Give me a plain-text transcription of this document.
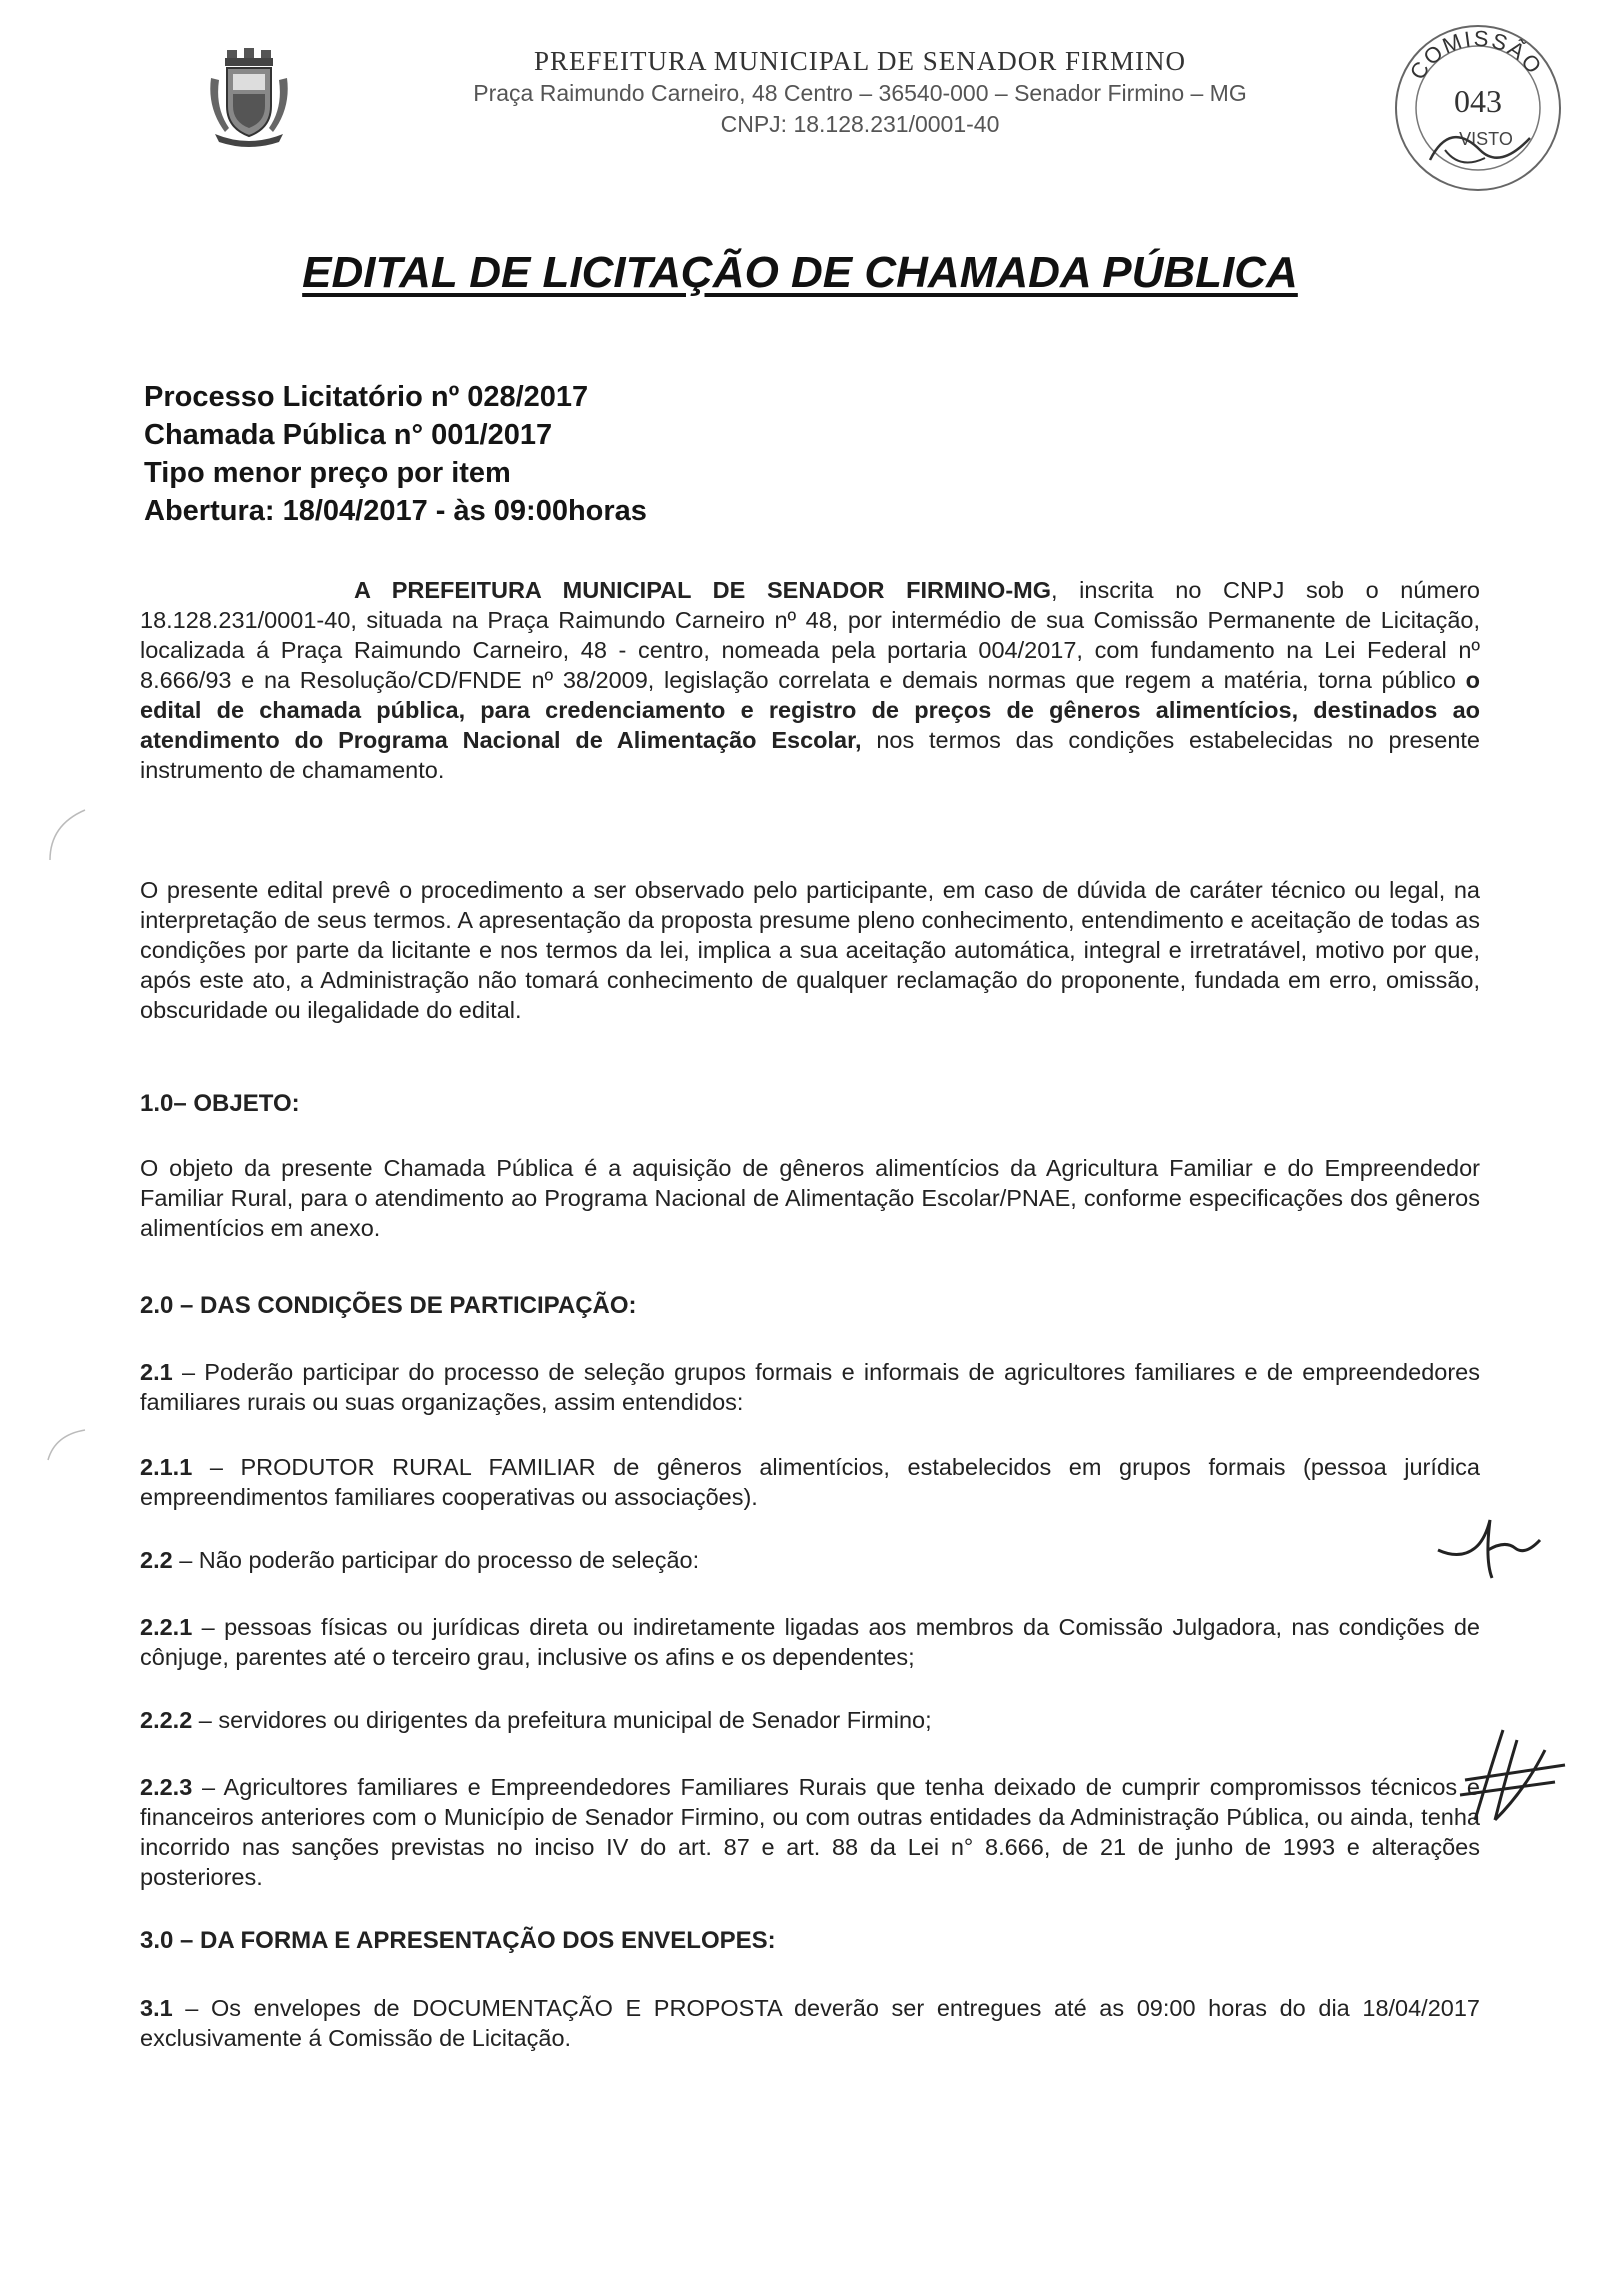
PREFEITURA MUNICIPAL DE SENADOR FIRMINO
Praça Raimundo Carneiro, 48 Centro – 36540-000 – Senador Firmino – MG
CNPJ: 18.128.231/0001-40
COMISSÃO
043
VISTO
EDITAL DE LICITAÇÃO DE CHAMADA PÚBLICA
Processo Licitatório nº 028/2017
Chamada Pública n° 001/2017
Tipo menor preço por item
Abertura: 18/04/2017 - às 09:00horas
A PREFEITURA MUNICIPAL DE SENADOR FIRMINO-MG, inscrita no CNPJ sob o número 18.128.231/0001-40, situada na Praça Raimundo Carneiro nº 48, por intermédio de sua Comissão Permanente de Licitação, localizada á Praça Raimundo Carneiro, 48 - centro, nomeada pela portaria 004/2017, com fundamento na Lei Federal nº 8.666/93 e na Resolução/CD/FNDE nº 38/2009, legislação correlata e demais normas que regem a matéria, torna público o edital de chamada pública, para credenciamento e registro de preços de gêneros alimentícios, destinados ao atendimento do Programa Nacional de Alimentação Escolar, nos termos das condições estabelecidas no presente instrumento de chamamento.
O presente edital prevê o procedimento a ser observado pelo participante, em caso de dúvida de caráter técnico ou legal, na interpretação de seus termos. A apresentação da proposta presume pleno conhecimento, entendimento e aceitação de todas as condições por parte da licitante e nos termos da lei, implica a sua aceitação automática, integral e irretratável, motivo por que, após este ato, a Administração não tomará conhecimento de qualquer reclamação do proponente, fundada em erro, omissão, obscuridade ou ilegalidade do edital.
1.0– OBJETO:
O objeto da presente Chamada Pública é a aquisição de gêneros alimentícios da Agricultura Familiar e do Empreendedor Familiar Rural, para o atendimento ao Programa Nacional de Alimentação Escolar/PNAE, conforme especificações dos gêneros alimentícios em anexo.
2.0 – DAS CONDIÇÕES DE PARTICIPAÇÃO:
2.1 – Poderão participar do processo de seleção grupos formais e informais de agricultores familiares e de empreendedores familiares rurais ou suas organizações, assim entendidos:
2.1.1 – PRODUTOR RURAL FAMILIAR de gêneros alimentícios, estabelecidos em grupos formais (pessoa jurídica empreendimentos familiares cooperativas ou associações).
2.2 – Não poderão participar do processo de seleção:
2.2.1 – pessoas físicas ou jurídicas direta ou indiretamente ligadas aos membros da Comissão Julgadora, nas condições de cônjuge, parentes até o terceiro grau, inclusive os afins e os dependentes;
2.2.2 – servidores ou dirigentes da prefeitura municipal de Senador Firmino;
2.2.3 – Agricultores familiares e Empreendedores Familiares Rurais que tenha deixado de cumprir compromissos técnicos e financeiros anteriores com o Município de Senador Firmino, ou com outras entidades da Administração Pública, ou ainda, tenha incorrido nas sanções previstas no inciso IV do art. 87 e art. 88 da Lei n° 8.666, de 21 de junho de 1993 e alterações posteriores.
3.0 – DA FORMA E APRESENTAÇÃO DOS ENVELOPES:
3.1 – Os envelopes de DOCUMENTAÇÃO E PROPOSTA deverão ser entregues até as 09:00 horas do dia 18/04/2017 exclusivamente á Comissão de Licitação.
